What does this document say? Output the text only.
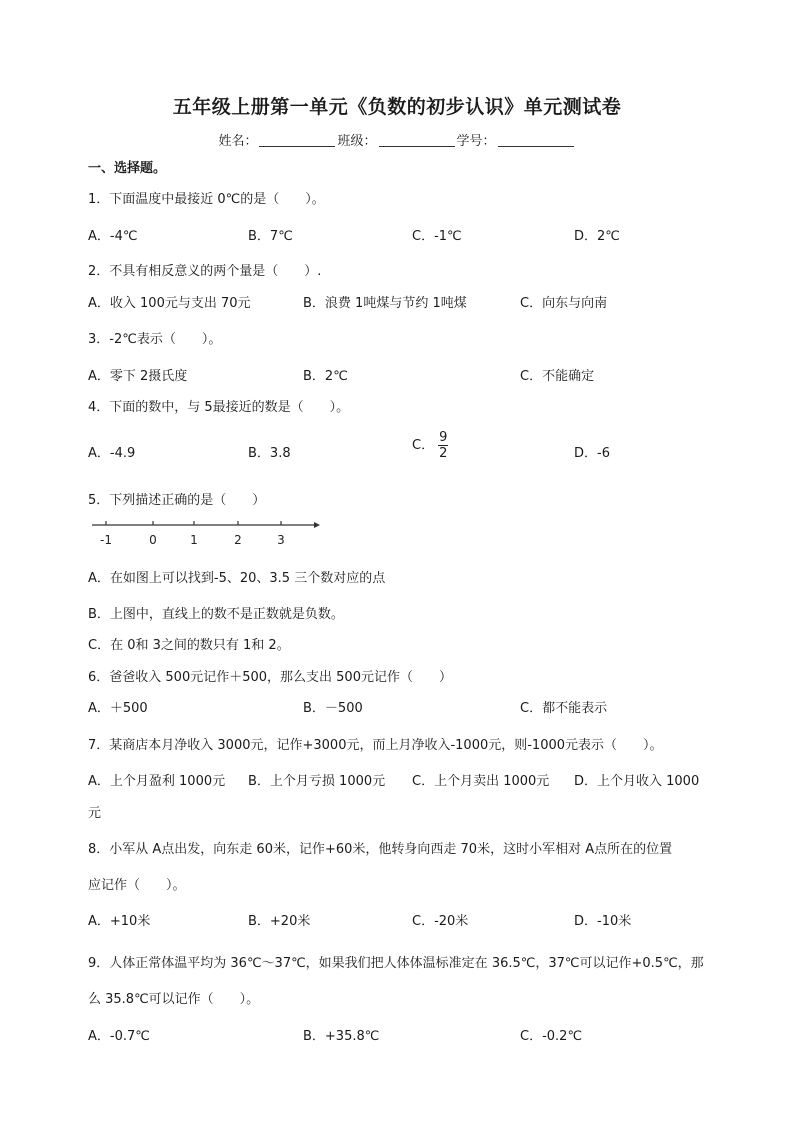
五年级上册第一单元《负数的初步认识》单元测试卷
姓名：	班级：	学号：
一、选择题。
1．下面温度中最接近 0℃的是（　　）。
A．-4℃	B．7℃	C．-1℃	D．2℃
2．不具有相反意义的两个量是（　　）.
A．收入 100元与支出 70元	B．浪费 1吨煤与节约 1吨煤	C．向东与向南
3．-2℃表示（　　）。
A．零下 2摄氏度	B．2℃	C．不能确定
4．下面的数中，与 5最接近的数是（　　）。
A．-4.9	B．3.8
C． $\frac{9}{2}$	D．-6
5．下列描述正确的是（　　）
-1	0	1	2	3
A．在如图上可以找到-5、20、3.5 三个数对应的点
B．上图中，直线上的数不是正数就是负数。
C．在 0和 3之间的数只有 1和 2。
6．爸爸收入 500元记作＋500，那么支出 500元记作（　　）
A．＋500	B．－500	C．都不能表示
7．某商店本月净收入 3000元，记作+3000元，而上月净收入-1000元，则-1000元表示（　　）。
A．上个月盈利 1000元 B．上个月亏损 1000元 C．上个月卖出 1000元 D．上个月收入 1000
元
8．小军从 A点出发，向东走 60米，记作+60米，他转身向西走 70米，这时小军相对 A点所在的位置
应记作（　　）。
A．+10米	B．+20米	C．-20米	D．-10米
9．人体正常体温平均为 36℃～37℃，如果我们把人体体温标准定在 36.5℃，37℃可以记作+0.5℃，那
么 35.8℃可以记作（　　）。
A．-0.7℃	B．+35.8℃	C．-0.2℃
